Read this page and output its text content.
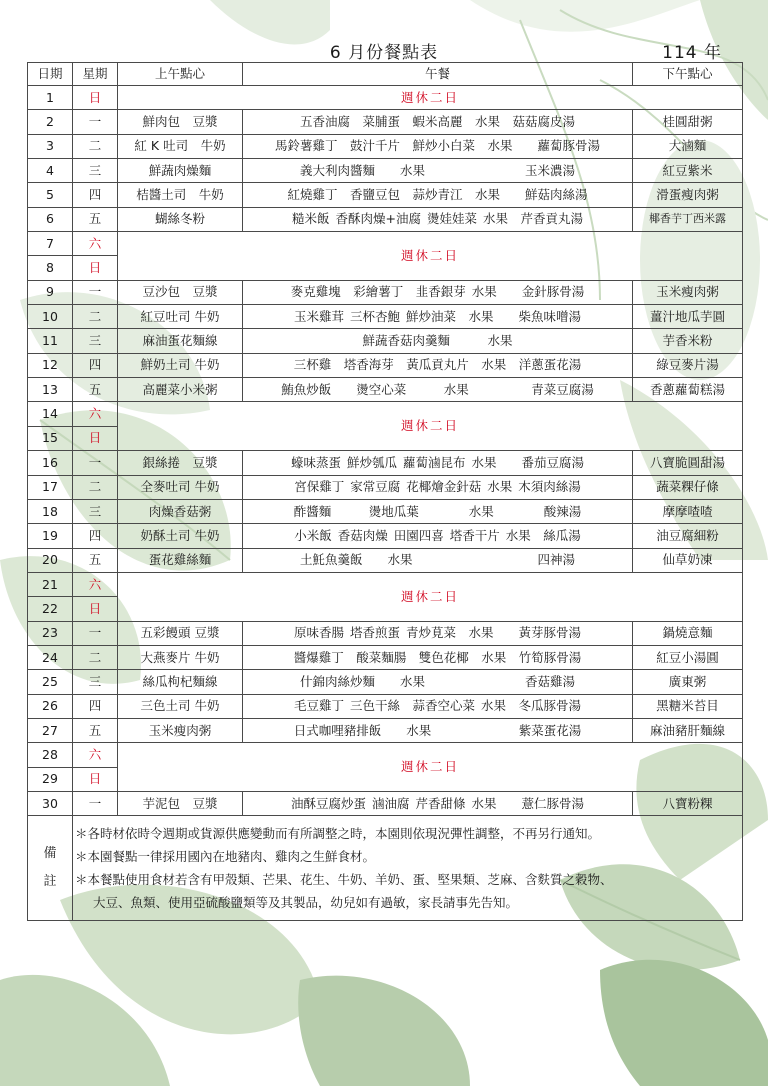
6 月份餐點表	114 年
日期	星期	上午點心	午餐	下午點心
1	日	週休二日		
2	一	鮮肉包　豆漿	五香油腐　菜脯蛋　蝦米高麗　水果　菇菇腐皮湯	桂圓甜粥
3	二	紅 K 吐司　牛奶	馬鈴薯雞丁　鼓汁千片　鮮炒小白菜　水果　　蘿蔔豚骨湯	大滷麵
4	三	鮮蔬肉燥麵	義大利肉醬麵　　水果　　　　　　　　玉米濃湯	紅豆紫米
5	四	桔醬土司　牛奶	紅燒雞丁　香鹽豆包　蒜炒青江　水果　　鮮菇肉絲湯	滑蛋瘦肉粥
6	五	蝴絲冬粉	糙米飯 香酥肉燥+油腐 燙娃娃菜 水果　芹香貢丸湯	椰香芋丁西米露
7	六	週休二日		
8	日			
9	一	豆沙包　豆漿	麥克雞塊　彩繪薯丁　韭香銀芽 水果　　金針豚骨湯	玉米瘦肉粥
10	二	紅豆吐司 牛奶	玉米雞茸 三杯杏鮑 鮮炒油菜　水果　　柴魚味噌湯	薑汁地瓜芋圓
11	三	麻油蛋花麵線	鮮蔬香菇肉羹麵　　　水果	芋香米粉
12	四	鮮奶土司 牛奶	三杯雞　塔香海芽　黃瓜貢丸片　水果　洋蔥蛋花湯	綠豆麥片湯
13	五	高麗菜小米粥	鮪魚炒飯　　燙空心菜　　　水果　　　　　青菜豆腐湯	香蔥蘿蔔糕湯
14	六	週休二日		
15	日			
16	一	銀絲捲　豆漿	蠔味蒸蛋 鮮炒瓠瓜 蘿蔔滷昆布 水果　　番茄豆腐湯	八寶脆圓甜湯
17	二	全麥吐司 牛奶	宮保雞丁 家常豆腐 花椰燴金針菇 水果 木須肉絲湯	蔬菜粿仔條
18	三	肉燥香菇粥	酢醬麵　　　燙地瓜葉　　　　水果　　　　酸辣湯	摩摩喳喳
19	四	奶酥土司 牛奶	小米飯 香菇肉燥 田園四喜 塔香干片 水果　絲瓜湯	油豆腐細粉
20	五	蛋花雞絲麵	土魠魚羹飯　　水果　　　　　　　　　　四神湯	仙草奶凍
21	六	週休二日		
22	日			
23	一	五彩饅頭 豆漿	原味香腸 塔香煎蛋 青炒莧菜　水果　　黃芽豚骨湯	鍋燒意麵
24	二	大燕麥片 牛奶	醬爆雞丁　酸菜麵腸　雙色花椰　水果　竹筍豚骨湯	紅豆小湯圓
25	三	絲瓜枸杞麵線	什錦肉絲炒麵　　水果　　　　　　　　香菇雞湯	廣東粥
26	四	三色土司 牛奶	毛豆雞丁 三色干絲　蒜香空心菜 水果　冬瓜豚骨湯	黑糖米苔目
27	五	玉米瘦肉粥	日式咖哩豬排飯　　水果　　　　　　　紫菜蛋花湯	麻油豬肝麵線
28	六	週休二日		
29	日			
30	一	芋泥包　豆漿	油酥豆腐炒蛋 滷油腐 芹香甜條 水果　　薏仁豚骨湯	八寶粉粿
備註	＊各時材依時令週期或貨源供應變動而有所調整之時，本園則依現況彈性調整，不再另行通知。
＊本園餐點一律採用國內在地豬肉、雞肉之生鮮食材。
＊本餐點使用食材若含有甲殼類、芒果、花生、牛奶、羊奶、蛋、堅果類、芝麻、含麩質之穀物、
大豆、魚類、使用亞硫酸鹽類等及其製品，幼兒如有過敏，家長請事先告知。			
